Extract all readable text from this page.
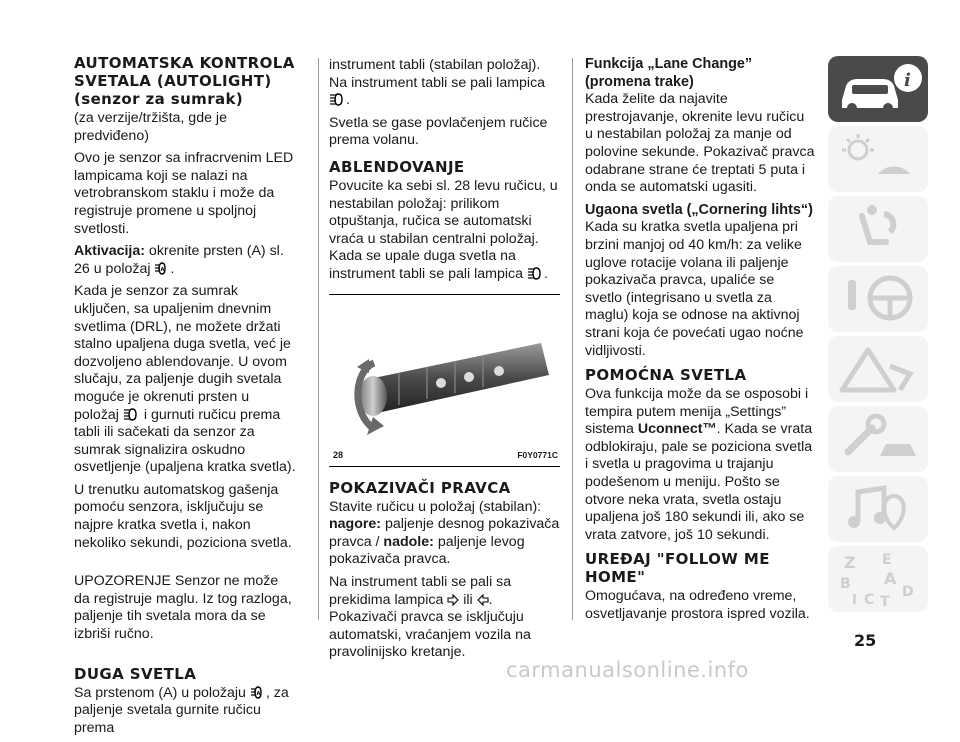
AUTOMATSKA KONTROLA SVETALA (AUTOLIGHT) (senzor za sumrak)

(za verzije/tržišta, gde je predviđeno)

Ovo je senzor sa infracrvenim LED lampicama koji se nalazi na vetrobranskom staklu i može da registruje promene u spoljnoj svetlosti.

Aktivacija: okrenite prsten (A) sl. 26 u položaj A .

Kada je senzor za sumrak uključen, sa upaljenim dnevnim svetlima (DRL), ne možete držati stalno upaljena duga svetla, već je dozvoljeno ablendovanje. U ovom slučaju, za paljenje dugih svetala moguće je okrenuti prsten u položaj  i gurnuti ručicu prema tabli ili sačekati da senzor za sumrak signalizira oskudno osvetljenje (upaljena kratka svetla).

U trenutku automatskog gašenja pomoću senzora, isključuju se najpre kratka svetla i, nakon nekoliko sekundi, poziciona svetla.

UPOZORENJE Senzor ne može da registruje maglu. Iz tog razloga, paljenje tih svetala mora da se izbriši ručno.

DUGA SVETLA

Sa prstenom (A) u položaju A , za paljenje svetala gurnite ručicu prema

instrument tabli (stabilan položaj). Na instrument tabli se pali lampica .

Svetla se gase povlačenjem ručice prema volanu.

ABLENDOVANJE

Povucite ka sebi sl. 28 levu ručicu, u nestabilan položaj: prilikom otpuštanja, ručica se automatski vraća u stabilan centralni položaj. Kada se upale duga svetla na instrument tabli se pali lampica .

28	F0Y0771C
POKAZIVAČI PRAVCA

Stavite ručicu u položaj (stabilan):

nagore: paljenje desnog pokazivača pravca / nadole: paljenje levog pokazivača pravca.

Na instrument tabli se pali sa prekidima lampica  ili . Pokazivači pravca se isključuju automatski, vraćanjem vozila na pravolinijsko kretanje.

Funkcija „Lane Change” (promena trake)

Kada želite da najavite prestrojavanje, okrenite levu ručicu u nestabilan položaj za manje od polovine sekunde. Pokazivač pravca odabrane strane će treptati 5 puta i onda se automatski ugasiti.

Ugaona svetla („Cornering lihts“)

Kada su kratka svetla upaljena pri brzini manjoj od 40 km/h: za velike uglove rotacije volana ili paljenje pokazivača pravca, upaliće se svetlo (integrisano u svetla za maglu) koja se odnose na aktivnoj strani koja će povećati ugao noćne vidljivosti.

POMOĆNA SVETLA

Ova funkcija može da se osposobi i tempira putem menija „Settings” sistema Uconnect™. Kada se vrata odblokiraju, pale se poziciona svetla i svetla u pragovima u trajanju podešenom u meniju. Pošto se otvore neka vrata, svetla ostaju upaljena još 180 sekundi ili, ako se vrata zatvore, još 10 sekundi.

UREĐAJ "FOLLOW ME HOME"

Omogućava, na određeno vreme, osvetljavanje prostora ispred vozila.

i
Z E
B A
D
I C T
25
carmanualsonline.info
